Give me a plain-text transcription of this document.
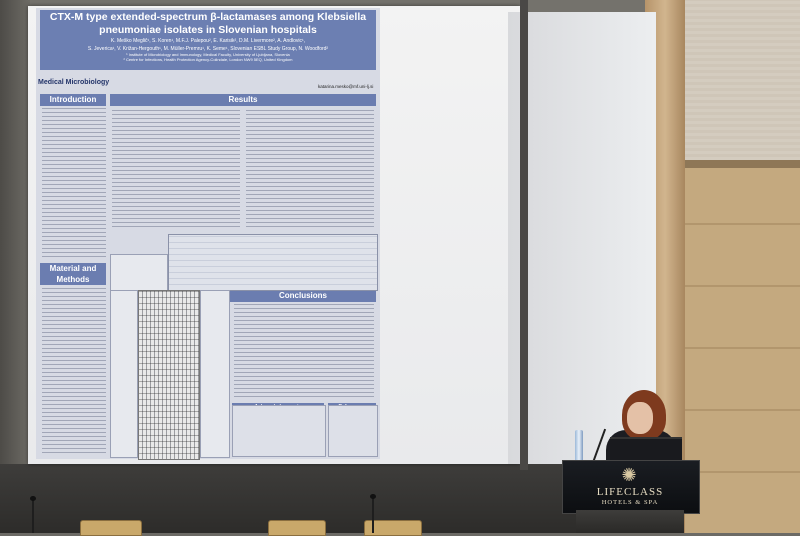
CTX-M type extended-spectrum β-lactamases among Klebsiella
pneumoniae isolates in Slovenian hospitals
K. Meško Meglič¹, S. Koren¹, M.F.J. Palepou², E. Karisik², D.M. Livermore², A. Andlovic¹,
S. Jeverica¹, V. Križan-Hergouth¹, M. Müller-Premru¹, K. Seme¹, Slovenian ESBL Study Group, N. Woodford²
¹ Institute of Microbiology and Immunology, Medical Faculty, University of Ljubljana, Slovenia
² Centre for Infections, Health Protection Agency-Colindale, London NW9 5EQ, United Kingdom
Medical Microbiology
katarina.mesko@mf.uni-lj.si
Introduction	Results
Material and Methods
Conclusions
✺
LIFECLASS
HOTELS & SPA
